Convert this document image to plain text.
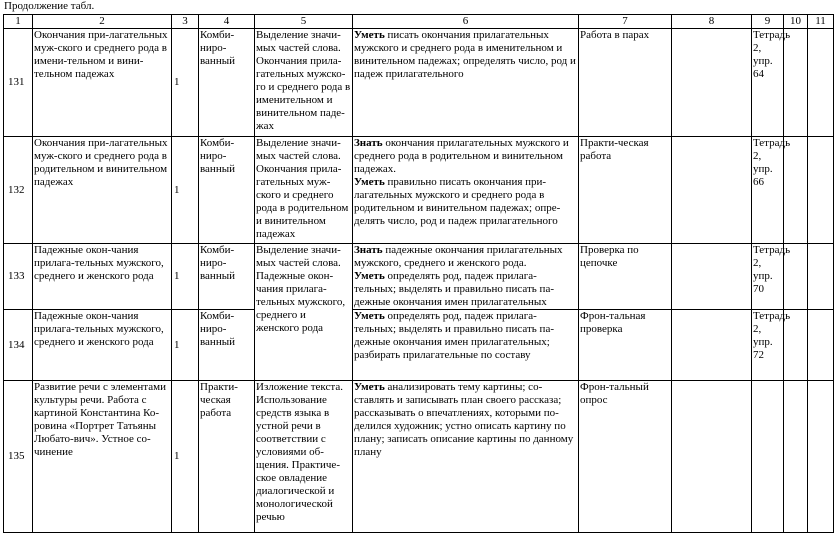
Продолжение табл.
1	2	3	4	5	6	7	8	9	10	11
131	Окончания при-лагательных муж-ского и среднего рода в имени-тельном и вини-тельном падежах	1	Комби-ниро-ванный	Выделение значи-мых частей слова. Окончания прила-гательных мужско-го и среднего рода в именительном и винительном паде-жах	Уметь писать окончания прилагательных мужского и среднего рода в именительном и винительном падежах; определять число, род и падеж прилагательного	Работа в парах		Тетрадь 2, упр. 64		
132	Окончания при-лагательных муж-ского и среднего рода в родительном и винительном падежах	1	Комби-ниро-ванный	Выделение значи-мых частей слова. Окончания прила-гательных муж-ского и среднего рода в родительном и винительном падежах	Знать окончания прилагательных мужского и среднего рода в родительном и винительном падежах.
Уметь правильно писать окончания при-лагательных мужского и среднего рода в родительном и винительном падежах; опре-делять число, род и падеж прилагательного	Практи-ческая работа		Тетрадь 2, упр. 66		
133	Падежные окон-чания прилага-тельных мужского, среднего и женского рода	1	Комби-ниро-ванный	Выделение значи-мых частей слова. Падежные окон-чания прилага-тельных мужского, среднего и женского рода	Знать падежные окончания прилагательных мужского, среднего и женского рода.
Уметь определять род, падеж прилага-тельных; выделять и правильно писать па-дежные окончания имен прилагательных	Проверка по цепочке		Тетрадь 2, упр. 70		
134	Падежные окон-чания прилага-тельных мужского, среднего и женского рода	1	Комби-ниро-ванный		Уметь определять род, падеж прилага-тельных; выделять и правильно писать па-дежные окончания имен прилагательных; разбирать прилагательные по составу	Фрон-тальная проверка		Тетрадь 2, упр. 72		
135	Развитие речи с элементами культуры речи. Работа с картиной Константина Ко-ровина «Портрет Татьяны Любато-вич». Устное со-чинение	1	Практи-ческая работа	Изложение текста. Использование средств языка в устной речи в соответствии с условиями об-щения. Практиче-ское овладение диалогической и монологической речью	Уметь анализировать тему картины; со-ставлять и записывать план своего рассказа; рассказывать о впечатлениях, которыми по-делился художник; устно описать картину по плану; записать описание картины по данному плану	Фрон-тальный опрос				
